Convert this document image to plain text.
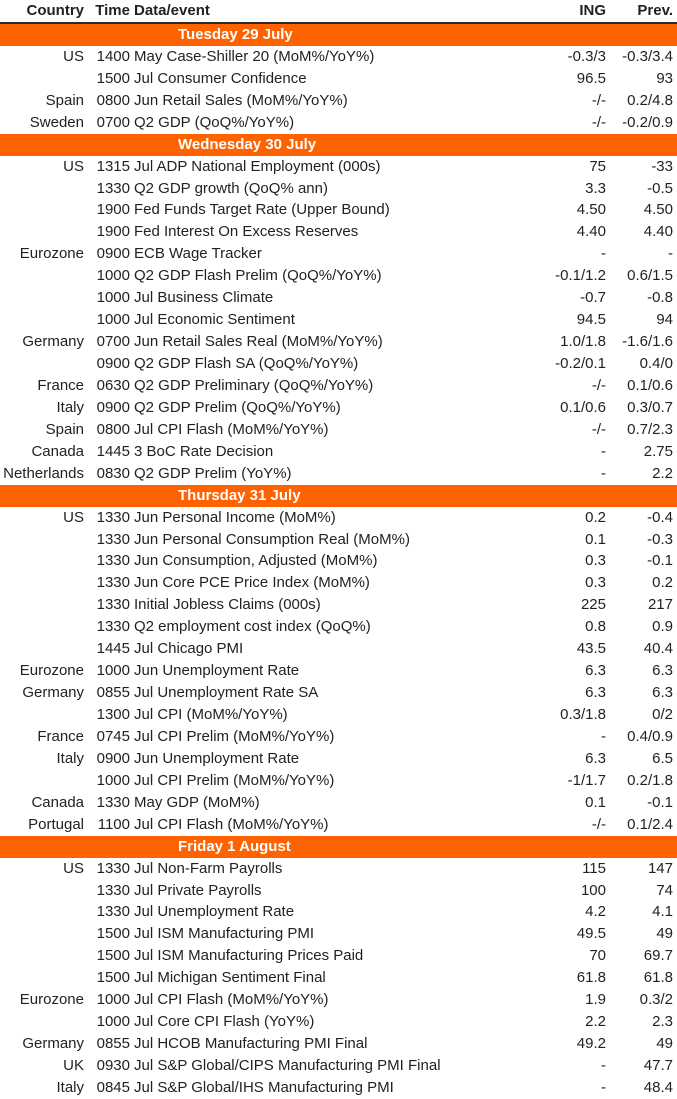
Country	Time	Data/event	ING	Prev.
Tuesday 29 July				
US	1400	May Case-Shiller 20 (MoM%/YoY%)	-0.3/3	-0.3/3.4
	1500	Jul Consumer Confidence	96.5	93
Spain	0800	Jun Retail Sales (MoM%/YoY%)	-/-	0.2/4.8
Sweden	0700	Q2 GDP (QoQ%/YoY%)	-/-	-0.2/0.9
Wednesday 30 July				
US	1315	Jul ADP National Employment (000s)	75	-33
	1330	Q2 GDP growth (QoQ% ann)	3.3	-0.5
	1900	Fed Funds Target Rate (Upper Bound)	4.50	4.50
	1900	Fed Interest On Excess Reserves	4.40	4.40
Eurozone	0900	ECB Wage Tracker	-	-
	1000	Q2 GDP Flash Prelim (QoQ%/YoY%)	-0.1/1.2	0.6/1.5
	1000	Jul Business Climate	-0.7	-0.8
	1000	Jul Economic Sentiment	94.5	94
Germany	0700	Jun Retail Sales Real (MoM%/YoY%)	1.0/1.8	-1.6/1.6
	0900	Q2 GDP Flash SA (QoQ%/YoY%)	-0.2/0.1	0.4/0
France	0630	Q2 GDP Preliminary (QoQ%/YoY%)	-/-	0.1/0.6
Italy	0900	Q2 GDP Prelim (QoQ%/YoY%)	0.1/0.6	0.3/0.7
Spain	0800	Jul CPI Flash (MoM%/YoY%)	-/-	0.7/2.3
Canada	1445	3 BoC Rate Decision	-	2.75
Netherlands	0830	Q2 GDP Prelim (YoY%)	-	2.2
Thursday 31 July				
US	1330	Jun Personal Income (MoM%)	0.2	-0.4
	1330	Jun Personal Consumption Real (MoM%)	0.1	-0.3
	1330	Jun Consumption, Adjusted (MoM%)	0.3	-0.1
	1330	Jun Core PCE Price Index (MoM%)	0.3	0.2
	1330	Initial Jobless Claims (000s)	225	217
	1330	Q2 employment cost index (QoQ%)	0.8	0.9
	1445	Jul Chicago PMI	43.5	40.4
Eurozone	1000	Jun Unemployment Rate	6.3	6.3
Germany	0855	Jul Unemployment Rate SA	6.3	6.3
	1300	Jul CPI (MoM%/YoY%)	0.3/1.8	0/2
France	0745	Jul CPI Prelim (MoM%/YoY%)	-	0.4/0.9
Italy	0900	Jun Unemployment Rate	6.3	6.5
	1000	Jul CPI Prelim (MoM%/YoY%)	-1/1.7	0.2/1.8
Canada	1330	May GDP (MoM%)	0.1	-0.1
Portugal	1100	Jul CPI Flash (MoM%/YoY%)	-/-	0.1/2.4
Friday 1 August				
US	1330	Jul Non-Farm Payrolls	115	147
	1330	Jul Private Payrolls	100	74
	1330	Jul Unemployment Rate	4.2	4.1
	1500	Jul ISM Manufacturing PMI	49.5	49
	1500	Jul ISM Manufacturing Prices Paid	70	69.7
	1500	Jul Michigan Sentiment Final	61.8	61.8
Eurozone	1000	Jul CPI Flash (MoM%/YoY%)	1.9	0.3/2
	1000	Jul Core CPI Flash (YoY%)	2.2	2.3
Germany	0855	Jul HCOB Manufacturing PMI Final	49.2	49
UK	0930	Jul S&P Global/CIPS Manufacturing PMI Final	-	47.7
Italy	0845	Jul S&P Global/IHS Manufacturing PMI	-	48.4
